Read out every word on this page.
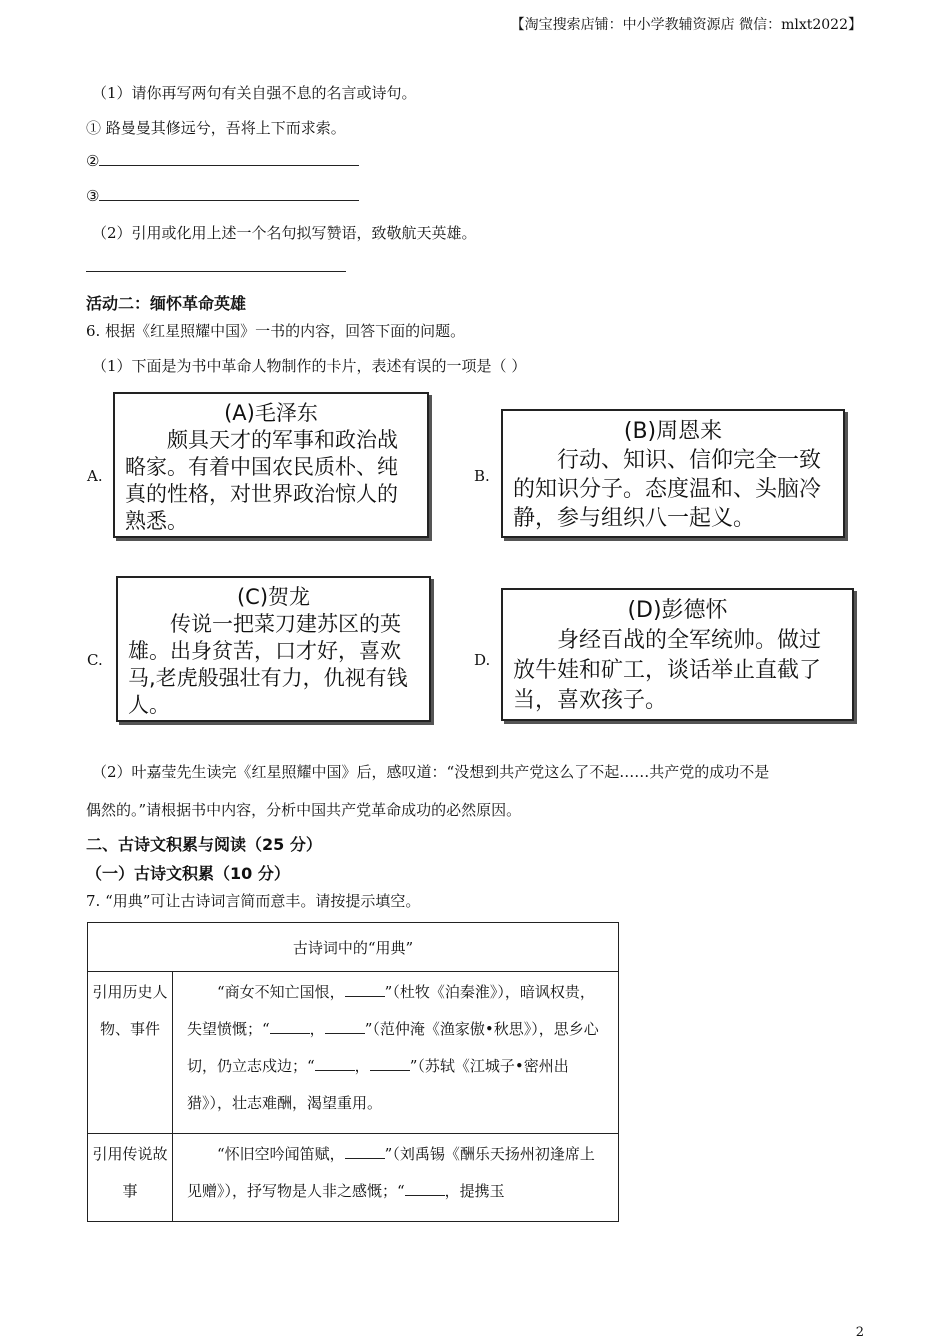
【淘宝搜索店铺：中小学教辅资源店 微信：mlxt2022】
（1）请你再写两句有关自强不息的名言或诗句。
① 路曼曼其修远兮，吾将上下而求索。
②
③
（2）引用或化用上述一个名句拟写赞语，致敬航天英雄。
活动二：缅怀革命英雄
6. 根据《红星照耀中国》一书的内容，回答下面的问题。
（1）下面是为书中革命人物制作的卡片，表述有误的一项是（ ）
A.
(A)毛泽东
颇具天才的军事和政治战略家。有着中国农民质朴、纯真的性格，对世界政治惊人的熟悉。
B.
(B)周恩来
行动、知识、信仰完全一致的知识分子。态度温和、头脑冷静，参与组织八一起义。
C.
(C)贺龙
传说一把菜刀建苏区的英雄。出身贫苦，口才好，喜欢马,老虎般强壮有力，仇视有钱人。
D.
(D)彭德怀
身经百战的全军统帅。做过放牛娃和矿工，谈话举止直截了当，喜欢孩子。
（2）叶嘉莹先生读完《红星照耀中国》后，感叹道：“没想到共产党这么了不起……共产党的成功不是
偶然的。”请根据书中内容，分析中国共产党革命成功的必然原因。
二、古诗文积累与阅读（25 分）
（一）古诗文积累（10 分）
7. “用典”可让古诗词言简而意丰。请按提示填空。
古诗词中的“用典”	
引用历史人物、事件	“商女不知亡国恨， ”（杜牧《泊秦淮》），暗讽权贵，失望愤慨；“ ， ”（范仲淹《渔家傲•秋思》），思乡心切，仍立志戍边；“ ， ”（苏轼《江城子•密州出猎》），壮志难酬，渴望重用。
引用传说故事	“怀旧空吟闻笛赋， ”（刘禹锡《酬乐天扬州初逢席上见赠》），抒写物是人非之感慨；“ ，提携玉
2
